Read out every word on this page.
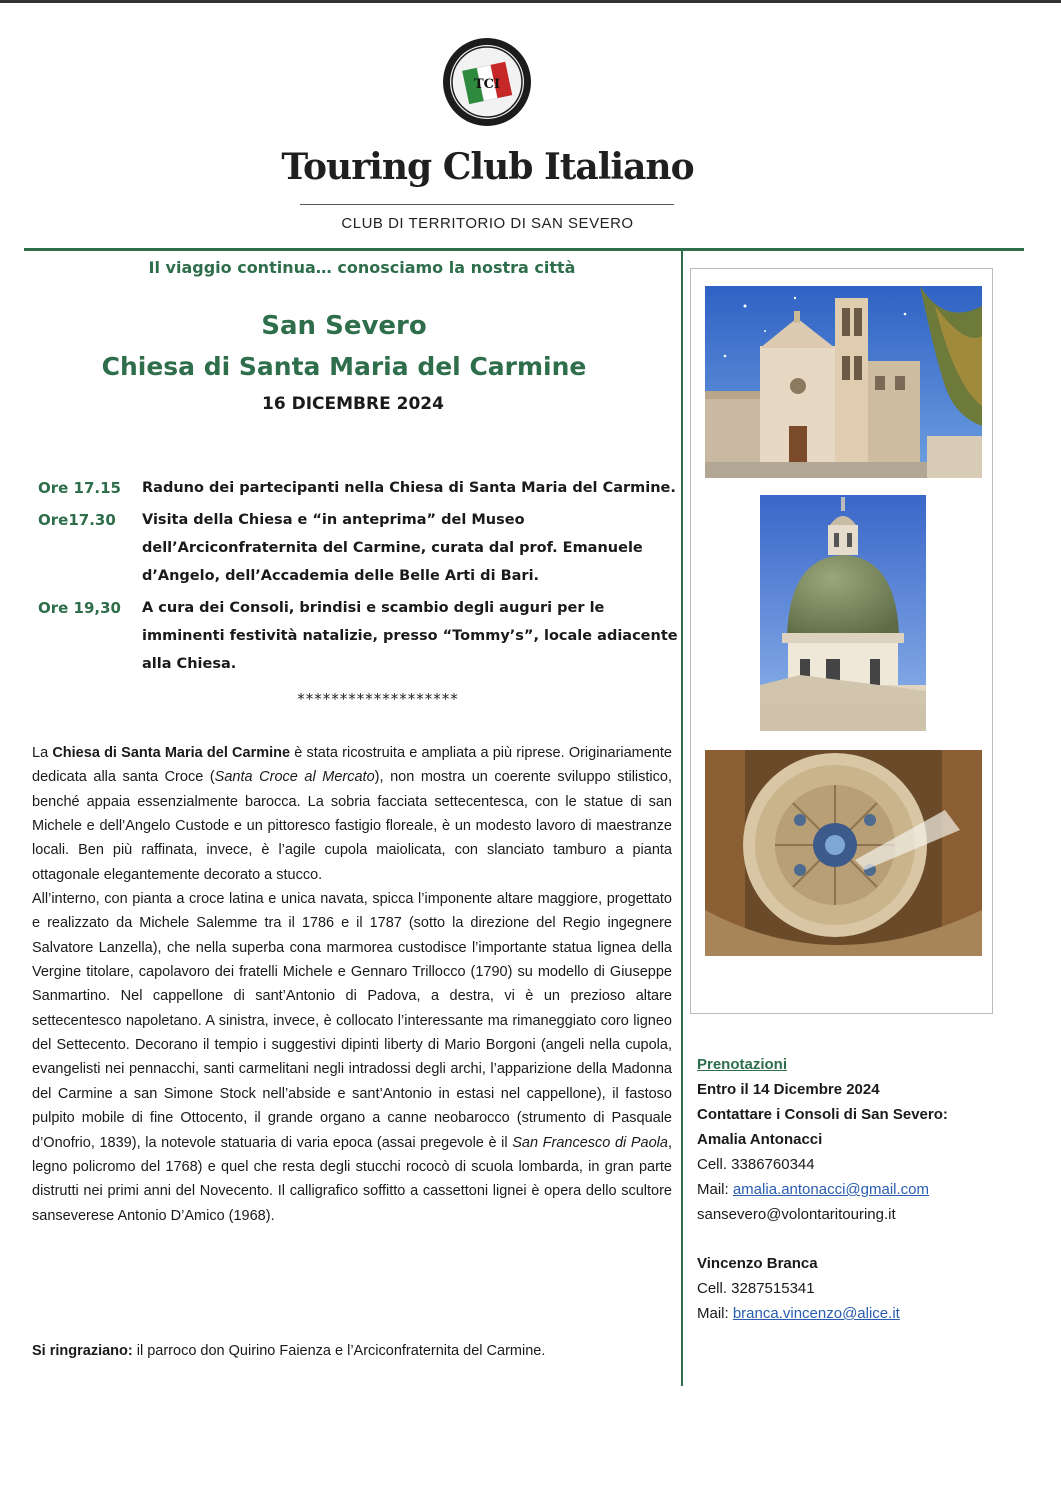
TCI
Touring Club Italiano
CLUB DI TERRITORIO DI SAN SEVERO
Il viaggio continua… conosciamo la nostra città
San Severo
Chiesa di Santa Maria del Carmine
16 DICEMBRE 2024
Ore 17.15	Raduno dei partecipanti nella Chiesa di Santa Maria del Carmine.
Ore17.30	Visita della Chiesa e “in anteprima” del Museo dell’Arciconfraternita del Carmine, curata dal prof. Emanuele d’Angelo, dell’Accademia delle Belle Arti di Bari.
Ore 19,30	A cura dei Consoli, brindisi e scambio degli auguri per le imminenti festività natalizie, presso “Tommy’s”, locale adiacente alla Chiesa.
*******************

La Chiesa di Santa Maria del Carmine è stata ricostruita e ampliata a più riprese. Originariamente dedicata alla santa Croce (Santa Croce al Mercato), non mostra un coerente sviluppo stilistico, benché appaia essenzialmente barocca. La sobria facciata settecentesca, con le statue di san Michele e dell’Angelo Custode e un pittoresco fastigio floreale, è un modesto lavoro di maestranze locali. Ben più raffinata, invece, è l’agile cupola maiolicata, con slanciato tamburo a pianta ottagonale elegantemente decorato a stucco.

All’interno, con pianta a croce latina e unica navata, spicca l’imponente altare maggiore, progettato e realizzato da Michele Salemme tra il 1786 e il 1787 (sotto la direzione del Regio ingegnere Salvatore Lanzella), che nella superba cona marmorea custodisce l’importante statua lignea della Vergine titolare, capolavoro dei fratelli Michele e Gennaro Trillocco (1790) su modello di Giuseppe Sanmartino. Nel cappellone di sant’Antonio di Padova, a destra, vi è un prezioso altare settecentesco napoletano. A sinistra, invece, è collocato l’interessante ma rimaneggiato coro ligneo del Settecento. Decorano il tempio i suggestivi dipinti liberty di Mario Borgoni (angeli nella cupola, evangelisti nei pennacchi, santi carmelitani negli intradossi degli archi, l’apparizione della Madonna del Carmine a san Simone Stock nell’abside e sant’Antonio in estasi nel cappellone), il fastoso pulpito mobile di fine Ottocento, il grande organo a canne neobarocco (strumento di Pasquale d’Onofrio, 1839), la notevole statuaria di varia epoca (assai pregevole è il San Francesco di Paola, legno policromo del 1768) e quel che resta degli stucchi rococò di scuola lombarda, in gran parte distrutti nei primi anni del Novecento. Il calligrafico soffitto a cassettoni lignei è opera dello scultore sanseverese Antonio D’Amico (1968).

Si ringraziano: il parroco don Quirino Faienza e l’Arciconfraternita del Carmine.
Prenotazioni
Entro il 14 Dicembre 2024
Contattare i Consoli di San Severo:
Amalia Antonacci
Cell. 3386760344
Mail: amalia.antonacci@gmail.com
sansevero@volontaritouring.it
Vincenzo Branca
Cell. 3287515341
Mail: branca.vincenzo@alice.it
